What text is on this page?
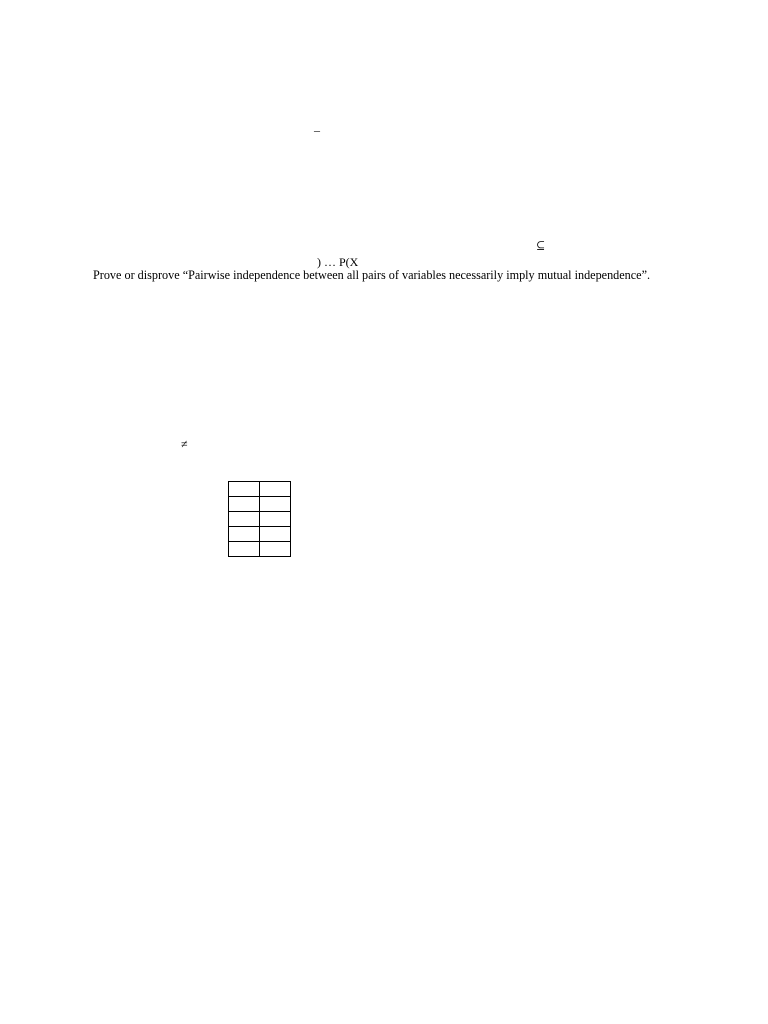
–
⊆
) … P(X

Prove or disprove “Pairwise independence between all pairs of variables necessarily imply mutual independence”.

≠
